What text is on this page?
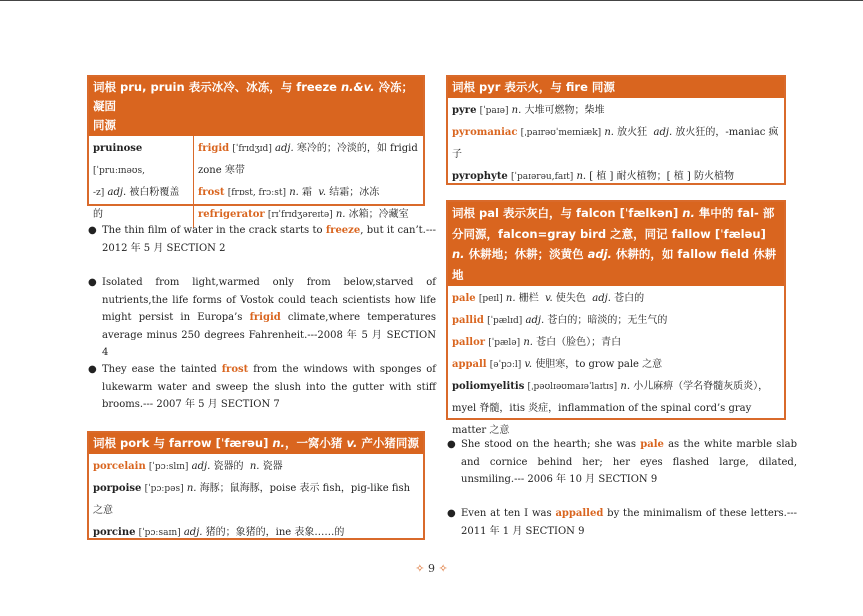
词根 pru, pruin 表示冰冷、冰冻，与 freeze n.&v. 冷冻；凝固
同源
pruinose [ˈpruːɪnəʊs,
-z] adj. 被白粉覆盖的
frigid [ˈfrɪdʒɪd] adj. 寒冷的；冷淡的，如 frigid zone 寒带
frost [frɒst, frɔːst] n. 霜 v. 结霜；冰冻
refrigerator [rɪˈfrɪdʒəreɪtə] n. 冰箱；冷藏室
● The thin film of water in the crack starts to freeze, but it can’t.--- 2012 年 5 月 SECTION 2
● Isolated from light,warmed only from below,starved of nutrients,the life forms of Vostok could teach scientists how life might persist in Europa’s frigid climate,where temperatures average minus 250 degrees Fahrenheit.---2008 年 5 月 SECTION 4
● They ease the tainted frost from the windows with sponges of lukewarm water and sweep the slush into the gutter with stiff brooms.--- 2007 年 5 月 SECTION 7
词根 pork 与 farrow [ˈfærəu] n.，一窝小猪 v. 产小猪同源
porcelain [ˈpɔːslɪn] adj. 瓷器的 n. 瓷器
porpoise [ˈpɔːpəs] n. 海豚；鼠海豚，poise 表示 fish，pig-like fish 之意
porcine [ˈpɔːsaɪn] adj. 猪的；象猪的，ine 表象……的
词根 pyr 表示火，与 fire 同源
pyre [ˈpaɪə] n. 大堆可燃物；柴堆
pyromaniac [ˌpaɪrəʊˈmeɪniæk] n. 放火狂 adj. 放火狂的，-maniac 疯子
pyrophyte [ˈpaɪərəu,faɪt] n. [ 植 ] 耐火植物；[ 植 ] 防火植物
词根 pal 表示灰白，与 falcon [ˈfælkən] n. 隼中的 fal- 部分同源，falcon=gray bird 之意，同记 fallow [ˈfæləu] n. 休耕地；休耕；淡黄色 adj. 休耕的，如 fallow field 休耕地
pale [peɪl] n. 栅栏 v. 使失色 adj. 苍白的
pallid [ˈpælɪd] adj. 苍白的；暗淡的；无生气的
pallor [ˈpælə] n. 苍白（脸色）；青白
appall [əˈpɔːl] v. 使胆寒，to grow pale 之意
poliomyelitis [ˌpəʊlɪəʊmaɪəˈlaɪtɪs] n. 小儿麻痹（学名脊髓灰质炎），myel 脊髓，itis 炎症，inflammation of the spinal cord’s gray matter 之意
● She stood on the hearth; she was pale as the white marble slab and cornice behind her; her eyes flashed large, dilated, unsmiling.--- 2006 年 10 月 SECTION 9
● Even at ten I was appalled by the minimalism of these letters.--- 2011 年 1 月 SECTION 9
✧ 9 ✧
